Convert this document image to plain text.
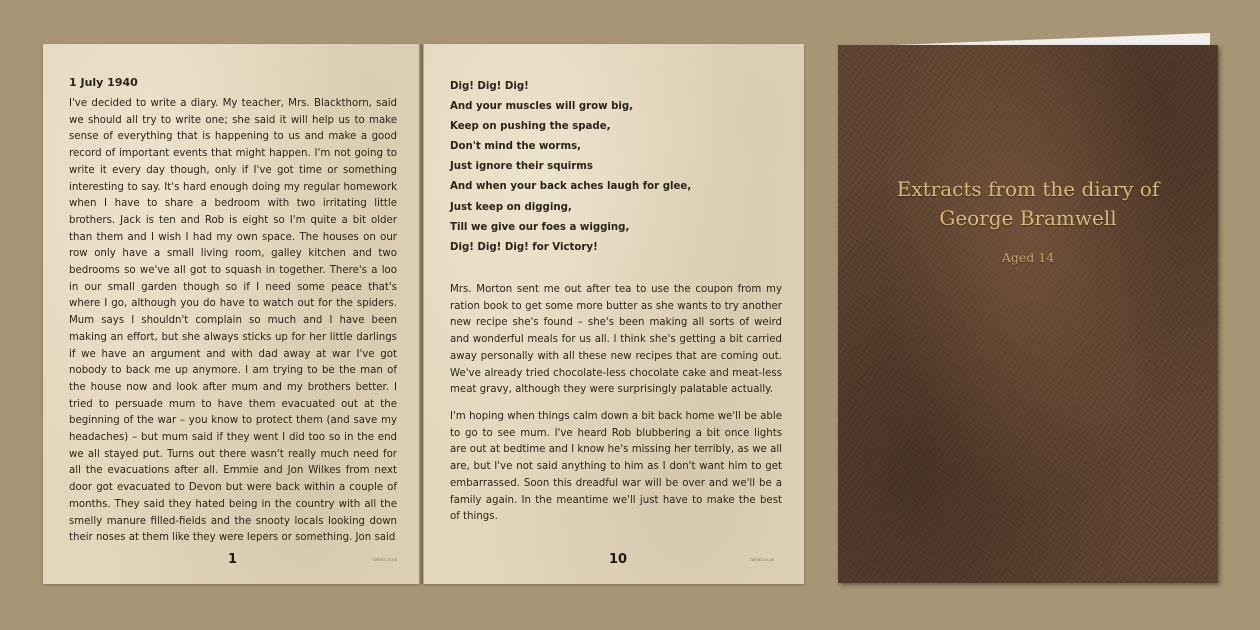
1 July 1940
I've decided to write a diary. My teacher, Mrs. Blackthorn, said we should all try to write one; she said it will help us to make sense of everything that is happening to us and make a good record of important events that might happen. I'm not going to write it every day though, only if I've got time or something interesting to say. It's hard enough doing my regular homework when I have to share a bedroom with two irritating little brothers. Jack is ten and Rob is eight so I'm quite a bit older than them and I wish I had my own space. The houses on our row only have a small living room, galley kitchen and two bedrooms so we've all got to squash in together. There's a loo in our small garden though so if I need some peace that's where I go, although you do have to watch out for the spiders. Mum says I shouldn't complain so much and I have been making an effort, but she always sticks up for her little darlings if we have an argument and with dad away at war I've got nobody to back me up anymore. I am trying to be the man of the house now and look after mum and my brothers better. I tried to persuade mum to have them evacuated out at the beginning of the war – you know to protect them (and save my headaches) – but mum said if they went I did too so in the end we all stayed put. Turns out there wasn't really much need for all the evacuations after all. Emmie and Jon Wilkes from next door got evacuated to Devon but were back within a couple of months. They said they hated being in the country with all the smelly manure filled-fields and the snooty locals looking down their noses at them like they were lepers or something. Jon said
1	twinkl.co.uk
Dig! Dig! Dig!
And your muscles will grow big,
Keep on pushing the spade,
Don't mind the worms,
Just ignore their squirms
And when your back aches laugh for glee,
Just keep on digging,
Till we give our foes a wigging,
Dig! Dig! Dig! for Victory!
Mrs. Morton sent me out after tea to use the coupon from my ration book to get some more butter as she wants to try another new recipe she's found – she's been making all sorts of weird and wonderful meals for us all. I think she's getting a bit carried away personally with all these new recipes that are coming out. We've already tried chocolate-less chocolate cake and meat-less meat gravy, although they were surprisingly palatable actually.
I'm hoping when things calm down a bit back home we'll be able to go to see mum. I've heard Rob blubbering a bit once lights are out at bedtime and I know he's missing her terribly, as we all are, but I've not said anything to him as I don't want him to get embarrassed. Soon this dreadful war will be over and we'll be a family again. In the meantime we'll just have to make the best of things.
10	twinkl.co.uk
Extracts from the diary of
George Bramwell
Aged 14
